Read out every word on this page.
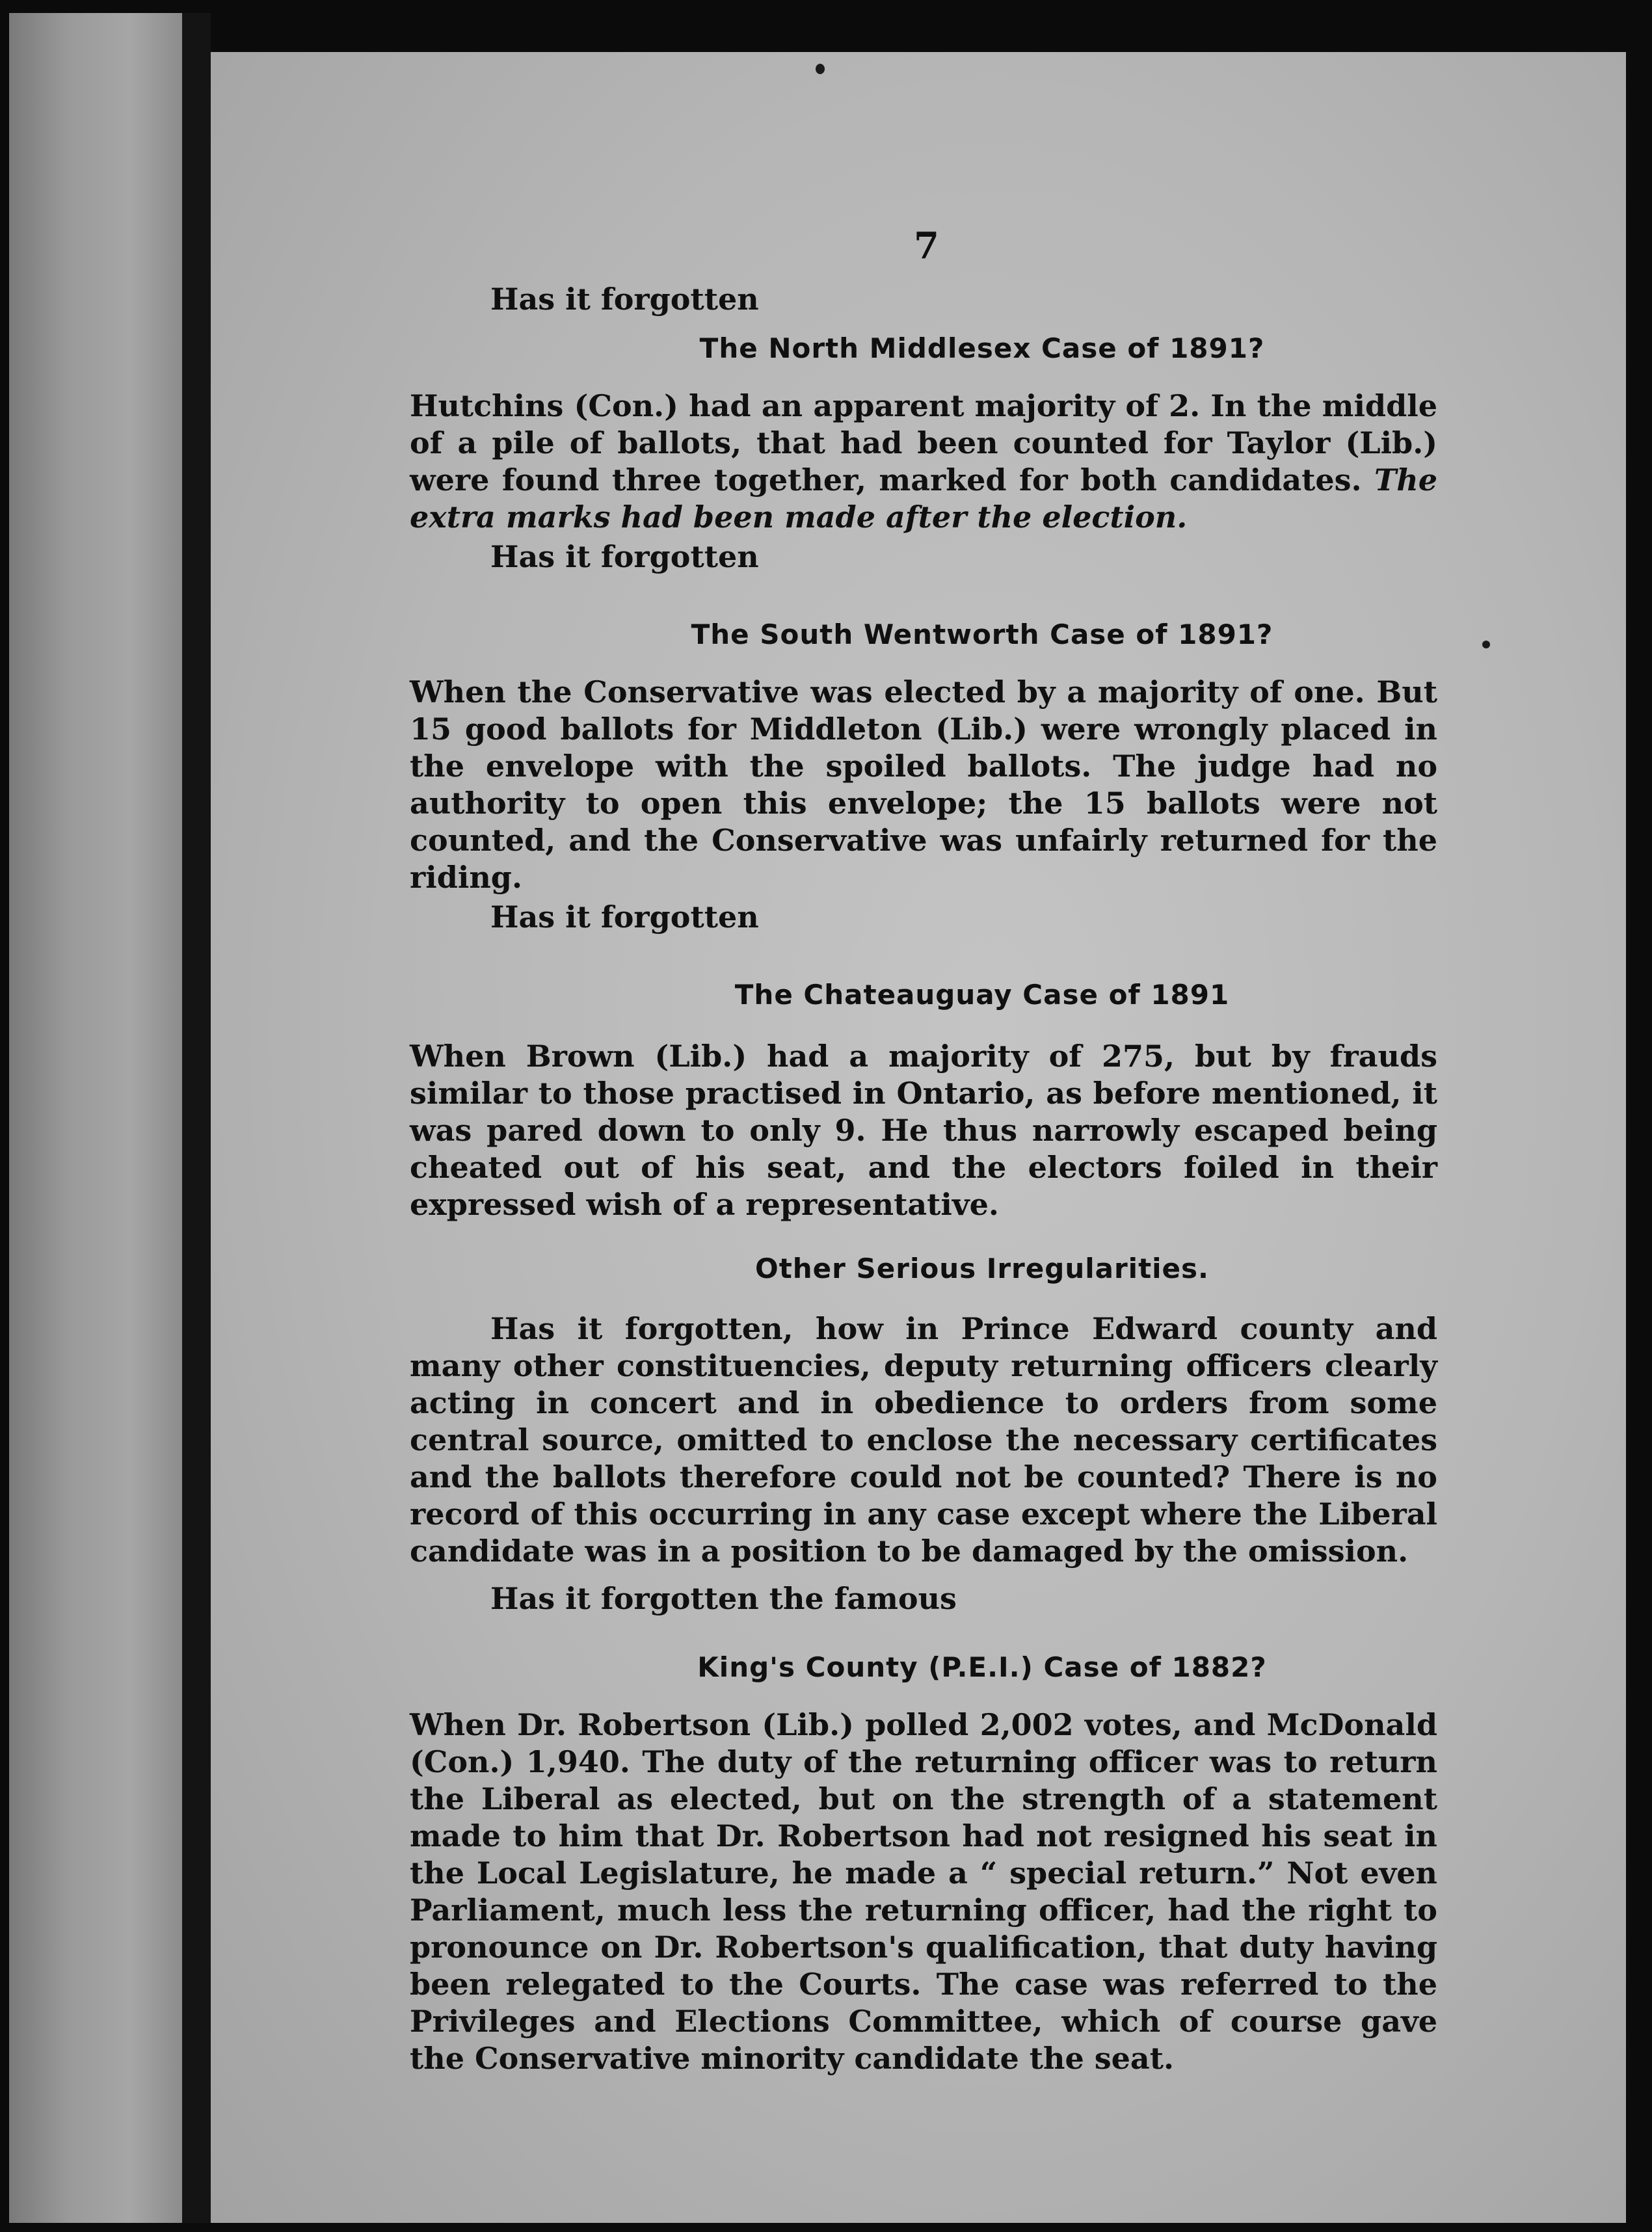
7
Has it forgotten
The North Middlesex Case of 1891?

Hutchins (Con.) had an apparent majority of 2. In the middle of a pile of ballots, that had been counted for Taylor (Lib.) were found three together, marked for both candidates. The extra marks had been made after the election.

Has it forgotten
The South Wentworth Case of 1891?

When the Conservative was elected by a majority of one. But 15 good ballots for Middleton (Lib.) were wrongly placed in the envelope with the spoiled ballots. The judge had no authority to open this envelope; the 15 ballots were not counted, and the Conservative was unfairly returned for the riding.

Has it forgotten
The Chateauguay Case of 1891

When Brown (Lib.) had a majority of 275, but by frauds similar to those practised in Ontario, as before mentioned, it was pared down to only 9. He thus narrowly escaped being cheated out of his seat, and the electors foiled in their expressed wish of a representative.

Other Serious Irregularities.

Has it forgotten, how in Prince Edward county and many other constituencies, deputy returning officers clearly acting in concert and in obedience to orders from some central source, omitted to enclose the necessary certificates and the ballots therefore could not be counted? There is no record of this occurring in any case except where the Liberal candidate was in a position to be damaged by the omission.

Has it forgotten the famous
King's County (P.E.I.) Case of 1882?

When Dr. Robertson (Lib.) polled 2,002 votes, and McDonald (Con.) 1,940. The duty of the returning officer was to return the Liberal as elected, but on the strength of a statement made to him that Dr. Robertson had not resigned his seat in the Local Legislature, he made a “ special return.” Not even Parliament, much less the returning officer, had the right to pronounce on Dr. Robertson's qualification, that duty having been relegated to the Courts. The case was referred to the Privileges and Elections Committee, which of course gave the Conservative minority candidate the seat.
